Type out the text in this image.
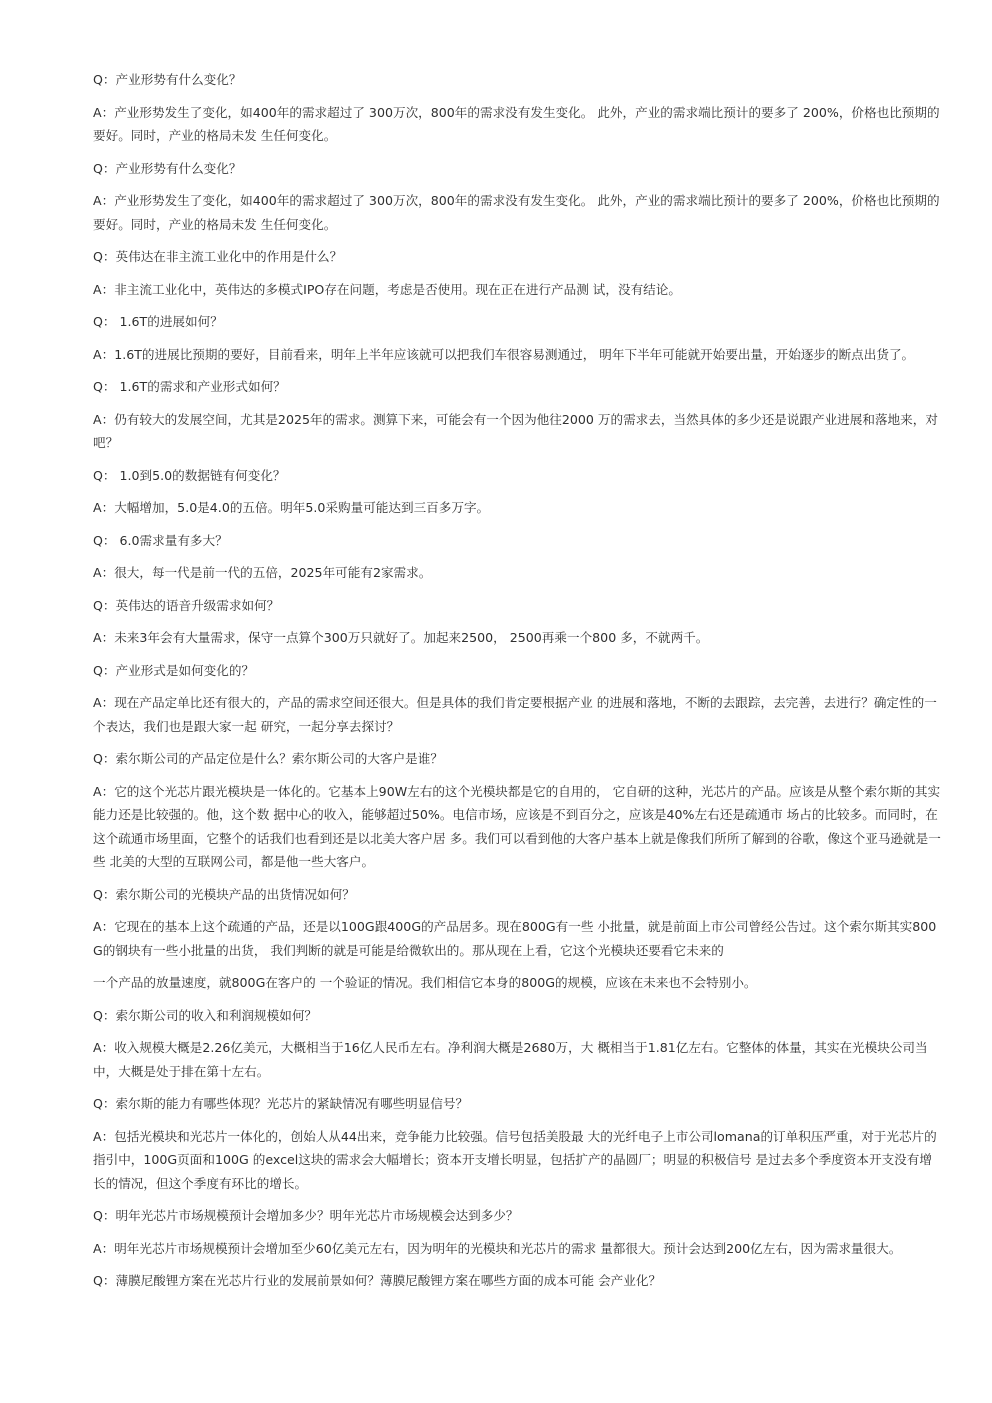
Q：产业形势有什么变化？

A：产业形势发生了变化，如400年的需求超过了 300万次，800年的需求没有发生变化。 此外，产业的需求端比预计的要多了 200%，价格也比预期的要好。同时，产业的格局未发 生任何变化。

Q：产业形势有什么变化？

A：产业形势发生了变化，如400年的需求超过了 300万次，800年的需求没有发生变化。 此外，产业的需求端比预计的要多了 200%，价格也比预期的要好。同时，产业的格局未发 生任何变化。

Q：英伟达在非主流工业化中的作用是什么？

A：非主流工业化中，英伟达的多模式IPO存在问题，考虑是否使用。现在正在进行产品测 试，没有结论。

Q： 1.6T的进展如何？

A：1.6T的进展比预期的要好，目前看来，明年上半年应该就可以把我们车很容易测通过， 明年下半年可能就开始要出量，开始逐步的断点出货了。

Q： 1.6T的需求和产业形式如何？

A：仍有较大的发展空间，尤其是2025年的需求。测算下来，可能会有一个因为他往2000 万的需求去，当然具体的多少还是说跟产业进展和落地来，对吧？

Q： 1.0到5.0的数据链有何变化？

A：大幅增加，5.0是4.0的五倍。明年5.0采购量可能达到三百多万字。

Q： 6.0需求量有多大？

A：很大，每一代是前一代的五倍，2025年可能有2家需求。

Q：英伟达的语音升级需求如何？

A：未来3年会有大量需求，保守一点算个300万只就好了。加起来2500， 2500再乘一个800 多，不就两千。

Q：产业形式是如何变化的？

A：现在产品定单比还有很大的，产品的需求空间还很大。但是具体的我们肯定要根据产业 的进展和落地，不断的去跟踪，去完善，去进行？确定性的一个表达，我们也是跟大家一起 研究，一起分享去探讨？

Q：索尔斯公司的产品定位是什么？索尔斯公司的大客户是谁？

A：它的这个光芯片跟光模块是一体化的。它基本上90W左右的这个光模块都是它的自用的， 它自研的这种，光芯片的产品。应该是从整个索尔斯的其实能力还是比较强的。他，这个数 据中心的收入，能够超过50%。电信市场，应该是不到百分之，应该是40%左右还是疏通市 场占的比较多。而同时，在这个疏通市场里面，它整个的话我们也看到还是以北美大客户居 多。我们可以看到他的大客户基本上就是像我们所所了解到的谷歌，像这个亚马逊就是一些 北美的大型的互联网公司，都是他一些大客户。

Q：索尔斯公司的光模块产品的出货情况如何？

A：它现在的基本上这个疏通的产品，还是以100G跟400G的产品居多。现在800G有一些 小批量，就是前面上市公司曾经公告过。这个索尔斯其实800G的钢块有一些小批量的出货， 我们判断的就是可能是给微软出的。那从现在上看，它这个光模块还要看它未来的

一个产品的放量速度，就800G在客户的 一个验证的情况。我们相信它本身的800G的规模，应该在未来也不会特别小。

Q：索尔斯公司的收入和利润规模如何？

A：收入规模大概是2.26亿美元，大概相当于16亿人民币左右。净利润大概是2680万，大 概相当于1.81亿左右。它整体的体量，其实在光模块公司当中，大概是处于排在第十左右。

Q：索尔斯的能力有哪些体现？光芯片的紧缺情况有哪些明显信号？

A：包括光模块和光芯片一体化的，创始人从44出来，竞争能力比较强。信号包括美股最 大的光纤电子上市公司lomana的订单积压严重，对于光芯片的指引中，100G页面和100G 的excel这块的需求会大幅增长；资本开支增长明显，包括扩产的晶圆厂；明显的积极信号 是过去多个季度资本开支没有增长的情况，但这个季度有环比的增长。

Q：明年光芯片市场规模预计会增加多少？明年光芯片市场规模会达到多少？

A：明年光芯片市场规模预计会增加至少60亿美元左右，因为明年的光模块和光芯片的需求 量都很大。预计会达到200亿左右，因为需求量很大。

Q：薄膜尼酸锂方案在光芯片行业的发展前景如何？薄膜尼酸锂方案在哪些方面的成本可能 会产业化？
